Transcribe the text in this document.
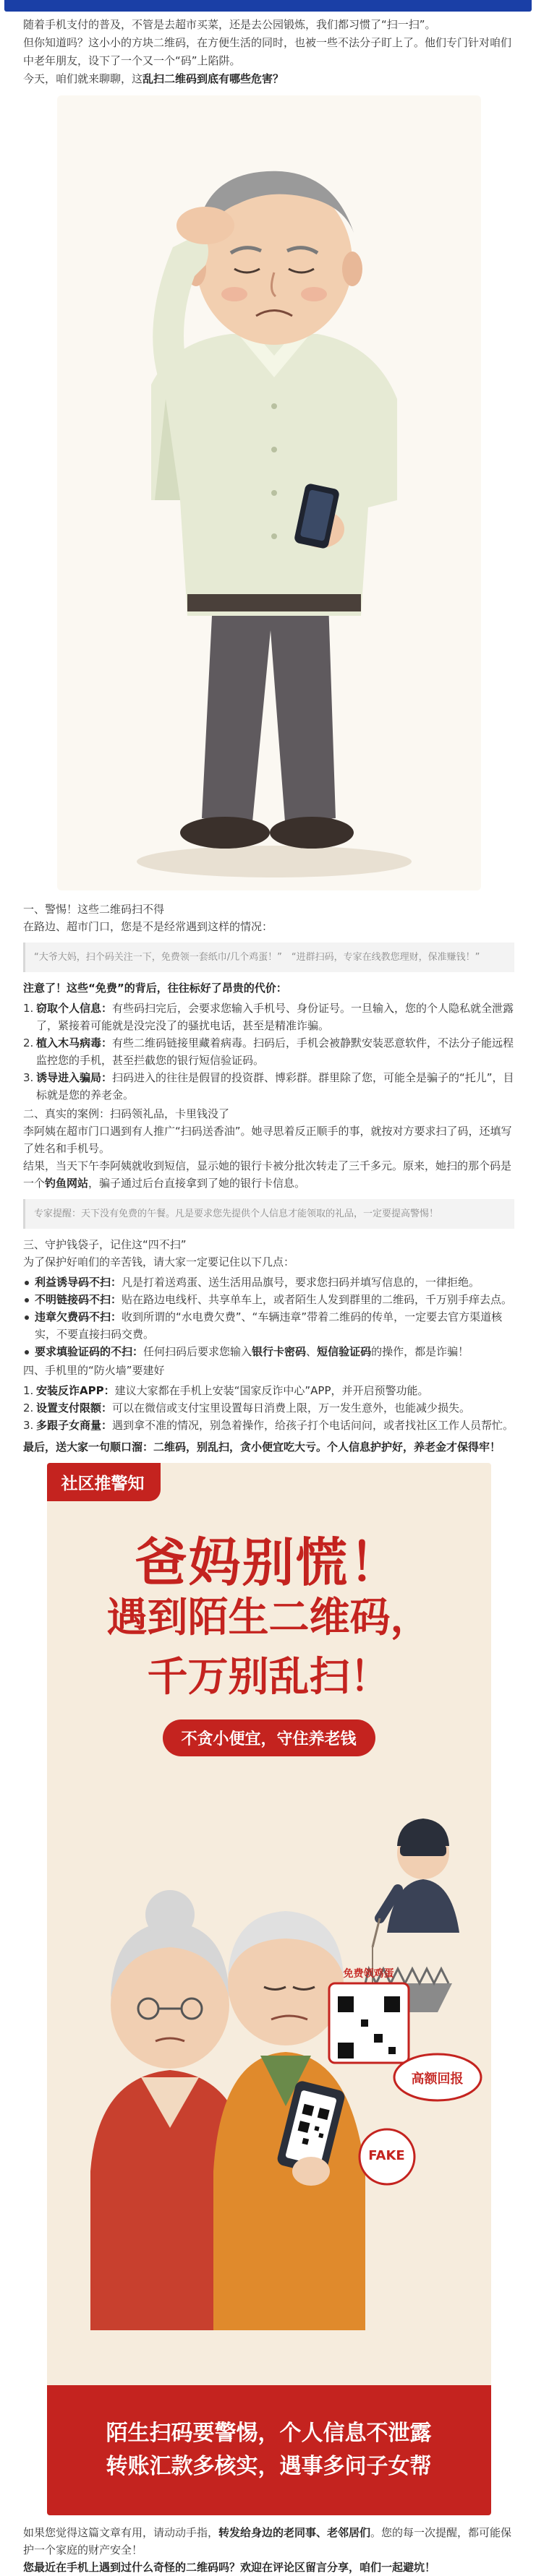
随着手机支付的普及，不管是去超市买菜，还是去公园锻炼，我们都习惯了“扫一扫”。

但你知道吗？这小小的方块二维码，在方便生活的同时，也被一些不法分子盯上了。他们专门针对咱们中老年朋友，设下了一个又一个“码”上陷阱。

今天，咱们就来聊聊，这乱扫二维码到底有哪些危害？

一、警惕！这些二维码扫不得

在路边、超市门口，您是不是经常遇到这样的情况：

“大爷大妈，扫个码关注一下，免费领一套纸巾/几个鸡蛋！”　“进群扫码，专家在线教您理财，保准赚钱！”

注意了！这些“免费”的背后，往往标好了昂贵的代价：

1. 窃取个人信息：有些码扫完后，会要求您输入手机号、身份证号。一旦输入，您的个人隐私就全泄露了，紧接着可能就是没完没了的骚扰电话，甚至是精准诈骗。
2. 植入木马病毒：有些二维码链接里藏着病毒。扫码后，手机会被静默安装恶意软件，不法分子能远程监控您的手机，甚至拦截您的银行短信验证码。
3. 诱导进入骗局：扫码进入的往往是假冒的投资群、博彩群。群里除了您，可能全是骗子的“托儿”，目标就是您的养老金。

二、真实的案例：扫码领礼品，卡里钱没了

李阿姨在超市门口遇到有人推广“扫码送香油”。她寻思着反正顺手的事，就按对方要求扫了码，还填写了姓名和手机号。

结果，当天下午李阿姨就收到短信，显示她的银行卡被分批次转走了三千多元。原来，她扫的那个码是一个钓鱼网站，骗子通过后台直接拿到了她的银行卡信息。

专家提醒：天下没有免费的午餐。凡是要求您先提供个人信息才能领取的礼品，一定要提高警惕！

三、守护钱袋子，记住这“四不扫”

为了保护好咱们的辛苦钱，请大家一定要记住以下几点：

利益诱导码不扫：凡是打着送鸡蛋、送生活用品旗号，要求您扫码并填写信息的，一律拒绝。
不明链接码不扫：贴在路边电线杆、共享单车上，或者陌生人发到群里的二维码，千万别手痒去点。
违章欠费码不扫：收到所谓的“水电费欠费”、“车辆违章”带着二维码的传单，一定要去官方渠道核实，不要直接扫码交费。
要求填验证码的不扫：任何扫码后要求您输入银行卡密码、短信验证码的操作，都是诈骗！

四、手机里的“防火墙”要建好

1. 安装反诈APP：建议大家都在手机上安装“国家反诈中心”APP，并开启预警功能。
2. 设置支付限额：可以在微信或支付宝里设置每日消费上限，万一发生意外，也能减少损失。
3. 多跟子女商量：遇到拿不准的情况，别急着操作，给孩子打个电话问问，或者找社区工作人员帮忙。

最后，送大家一句顺口溜：二维码，别乱扫，贪小便宜吃大亏。个人信息护护好，养老金才保得牢！

社区推警知
爸妈别慌！
遇到陌生二维码，
千万别乱扫！
不贪小便宜，守住养老钱
免费领鸡蛋
高额回报
FAKE

陌生扫码要警惕，个人信息不泄露

转账汇款多核实，遇事多问子女帮

如果您觉得这篇文章有用，请动动手指，转发给身边的老同事、老邻居们。您的每一次提醒，都可能保护一个家庭的财产安全！

您最近在手机上遇到过什么奇怪的二维码吗？欢迎在评论区留言分享，咱们一起避坑！
